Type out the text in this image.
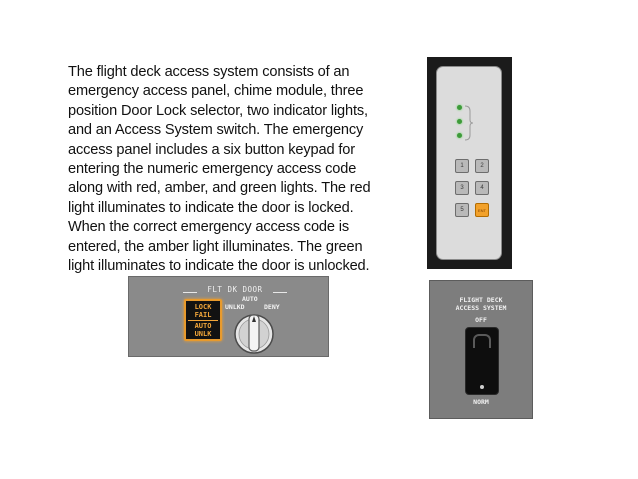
The flight deck access system consists of an
emergency access panel, chime module, three
position Door Lock selector, two indicator lights,
and an Access System switch. The emergency
access panel includes a six button keypad for
entering the numeric emergency access code
along with red, amber, and green lights. The red
light illuminates to indicate the door is locked.
When the correct emergency access code is
entered, the amber light illuminates. The green
light illuminates to indicate the door is unlocked.
1	2
3	4
5	ENT
FLT DK DOOR
LOCK
FAIL
AUTO
UNLK
AUTO
UNLKD	DENY
FLIGHT DECK
ACCESS SYSTEM
OFF
NORM
